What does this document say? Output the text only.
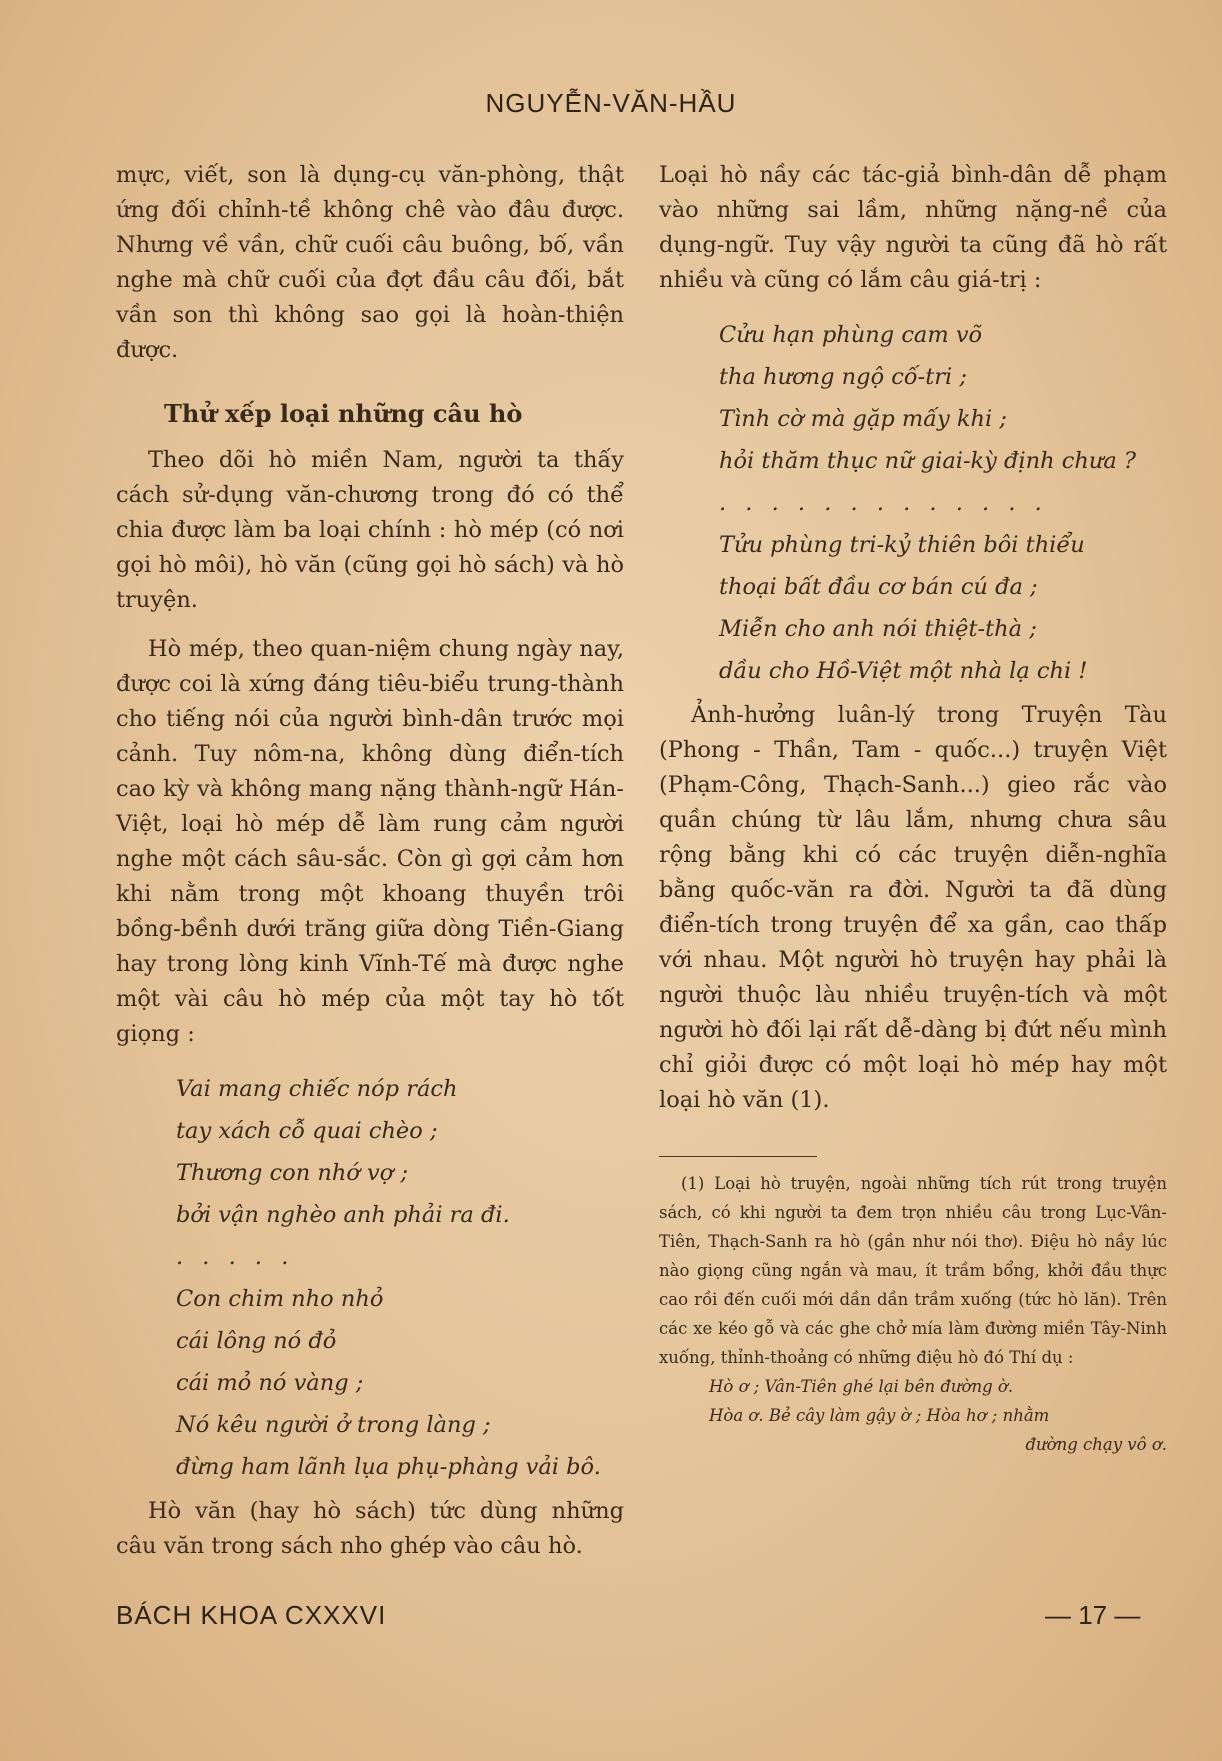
NGUYỄN-VĂN-HẦU

mực, viết, son là dụng-cụ văn-phòng, thật ứng đối chỉnh-tề không chê vào đâu được. Nhưng về vần, chữ cuối câu buông, bố, vần nghe mà chữ cuối của đợt đầu câu đối, bắt vần son thì không sao gọi là hoàn-thiện được.

Thử xếp loại những câu hò

Theo dõi hò miền Nam, người ta thấy cách sử-dụng văn-chương trong đó có thể chia được làm ba loại chính : hò mép (có nơi gọi hò môi), hò văn (cũng gọi hò sách) và hò truyện.

Hò mép, theo quan-niệm chung ngày nay, được coi là xứng đáng tiêu-biểu trung-thành cho tiếng nói của người bình-dân trước mọi cảnh. Tuy nôm-na, không dùng điển-tích cao kỳ và không mang nặng thành-ngữ Hán-Việt, loại hò mép dễ làm rung cảm người nghe một cách sâu-sắc. Còn gì gợi cảm hơn khi nằm trong một khoang thuyền trôi bồng-bềnh dưới trăng giữa dòng Tiền-Giang hay trong lòng kinh Vĩnh-Tế mà được nghe một vài câu hò mép của một tay hò tốt giọng :

Vai mang chiếc nóp rách
tay xách cỗ quai chèo ;
Thương con nhớ vợ ;
bởi vận nghèo anh phải ra đi.
. . . . .
Con chim nho nhỏ
cái lông nó đỏ
cái mỏ nó vàng ;
Nó kêu người ở trong làng ;
đừng ham lãnh lụa phụ-phàng vải bô.

Hò văn (hay hò sách) tức dùng những câu văn trong sách nho ghép vào câu hò.

Loại hò nầy các tác-giả bình-dân dễ phạm vào những sai lầm, những nặng-nề của dụng-ngữ. Tuy vậy người ta cũng đã hò rất nhiều và cũng có lắm câu giá-trị :

Cửu hạn phùng cam võ
tha hương ngộ cố-tri ;
Tình cờ mà gặp mấy khi ;
hỏi thăm thục nữ giai-kỳ định chưa ?
. . . . . . . . . . . . .
Tửu phùng tri-kỷ thiên bôi thiểu
thoại bất đầu cơ bán cú đa ;
Miễn cho anh nói thiệt-thà ;
dầu cho Hồ-Việt một nhà lạ chi !

Ảnh-hưởng luân-lý trong Truyện Tàu (Phong - Thần, Tam - quốc...) truyện Việt (Phạm-Công, Thạch-Sanh...) gieo rắc vào quần chúng từ lâu lắm, nhưng chưa sâu rộng bằng khi có các truyện diễn-nghĩa bằng quốc-văn ra đời. Người ta đã dùng điển-tích trong truyện để xa gần, cao thấp với nhau. Một người hò truyện hay phải là người thuộc làu nhiều truyện-tích và một người hò đối lại rất dễ-dàng bị đứt nếu mình chỉ giỏi được có một loại hò mép hay một loại hò văn (1).

(1) Loại hò truyện, ngoài những tích rút trong truyện sách, có khi người ta đem trọn nhiều câu trong Lục-Vân-Tiên, Thạch-Sanh ra hò (gần như nói thơ). Điệu hò nầy lúc nào giọng cũng ngắn và mau, ít trầm bổng, khởi đầu thực cao rồi đến cuối mới dần dần trầm xuống (tức hò lăn). Trên các xe kéo gỗ và các ghe chở mía làm đường miền Tây-Ninh xuống, thỉnh-thoảng có những điệu hò đó Thí dụ :

Hò ơ ; Vân-Tiên ghé lại bên đường ờ.
Hòa ơ. Bẻ cây làm gậy ờ ; Hòa hơ ; nhằm
đường chạy vô ơ.
BÁCH KHOA CXXXVI	— 17 —
